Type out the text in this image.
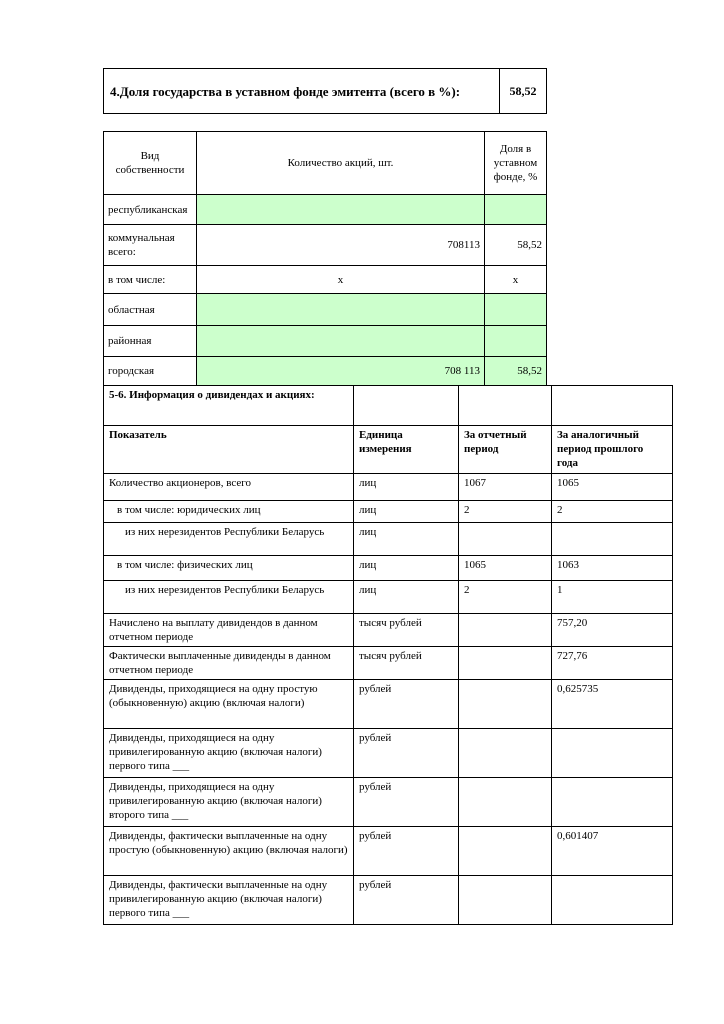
4.Доля государства в уставном фонде эмитента (всего в %):	58,52
Вид собственности	Количество акций, шт.	Доля в уставном фонде, %
республиканская		
коммунальная всего:	708113	58,52
в том числе:	х	х
областная		
районная		
городская	708 113	58,52
5-6. Информация о дивидендах и акциях:			
Показатель	Единица измерения	За отчетный период	За аналогичный период прошлого года
Количество акционеров, всего	лиц	1067	1065
в том числе: юридических лиц	лиц	2	2
из них нерезидентов Республики Беларусь	лиц		
в том числе: физических лиц	лиц	1065	1063
из них нерезидентов Республики Беларусь	лиц	2	1
Начислено на выплату дивидендов в данном отчетном периоде	тысяч рублей		757,20
Фактически выплаченные дивиденды в данном отчетном периоде	тысяч рублей		727,76
Дивиденды, приходящиеся на одну простую (обыкновенную) акцию (включая налоги)	рублей		0,625735
Дивиденды, приходящиеся на одну привилегированную акцию (включая налоги) первого типа ___	рублей		
Дивиденды, приходящиеся на одну привилегированную акцию (включая налоги) второго типа ___	рублей		
Дивиденды, фактически выплаченные на одну простую (обыкновенную) акцию (включая налоги)	рублей		0,601407
Дивиденды, фактически выплаченные на одну привилегированную акцию (включая налоги) первого типа ___	рублей		
